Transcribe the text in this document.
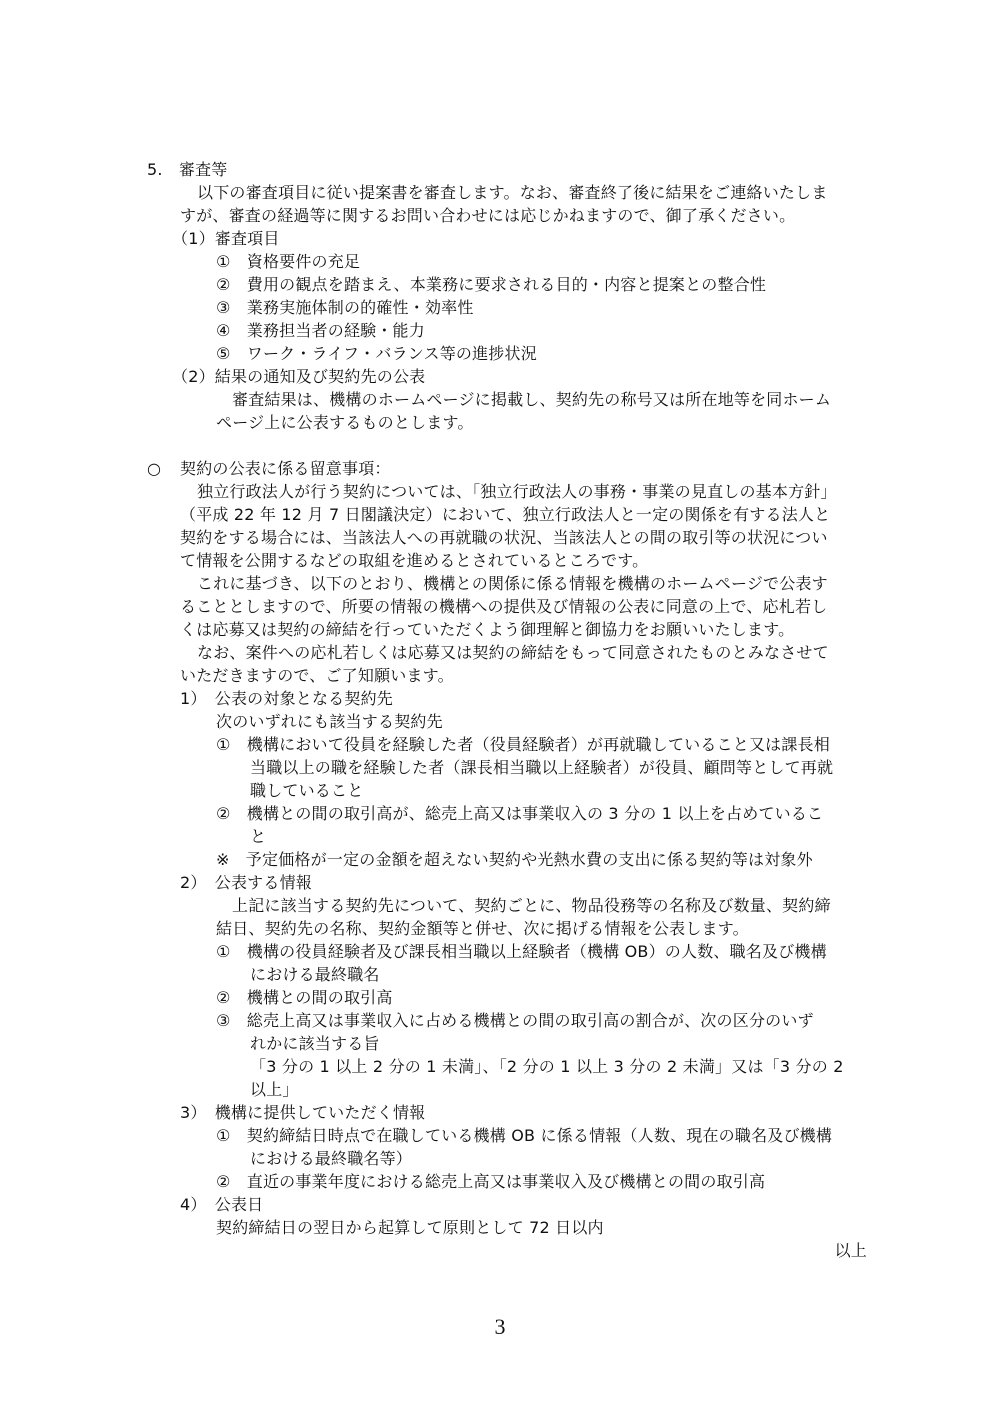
5.　審査等
以下の審査項目に従い提案書を審査します。なお、審査終了後に結果をご連絡いたしま
すが、審査の経過等に関するお問い合わせには応じかねますので、御了承ください。
（1）審査項目
①　資格要件の充足
②　費用の観点を踏まえ、本業務に要求される目的・内容と提案との整合性
③　業務実施体制の的確性・効率性
④　業務担当者の経験・能力
⑤　ワーク・ライフ・バランス等の進捗状況
（2）結果の通知及び契約先の公表
審査結果は、機構のホームページに掲載し、契約先の称号又は所在地等を同ホーム
ページ上に公表するものとします。
○ 契約の公表に係る留意事項：
独立行政法人が行う契約については、「独立行政法人の事務・事業の見直しの基本方針」
（平成 22 年 12 月 7 日閣議決定）において、独立行政法人と一定の関係を有する法人と
契約をする場合には、当該法人への再就職の状況、当該法人との間の取引等の状況につい
て情報を公開するなどの取組を進めるとされているところです。
これに基づき、以下のとおり、機構との関係に係る情報を機構のホームページで公表す
ることとしますので、所要の情報の機構への提供及び情報の公表に同意の上で、応札若し
くは応募又は契約の締結を行っていただくよう御理解と御協力をお願いいたします。
なお、案件への応札若しくは応募又は契約の締結をもって同意されたものとみなさせて
いただきますので、ご了知願います。
1）　公表の対象となる契約先
次のいずれにも該当する契約先
①　機構において役員を経験した者（役員経験者）が再就職していること又は課長相
当職以上の職を経験した者（課長相当職以上経験者）が役員、顧問等として再就
職していること
②　機構との間の取引高が、総売上高又は事業収入の 3 分の 1 以上を占めているこ
と
※　予定価格が一定の金額を超えない契約や光熱水費の支出に係る契約等は対象外
2）　公表する情報
上記に該当する契約先について、契約ごとに、物品役務等の名称及び数量、契約締
結日、契約先の名称、契約金額等と併せ、次に掲げる情報を公表します。
①　機構の役員経験者及び課長相当職以上経験者（機構 OB）の人数、職名及び機構
における最終職名
②　機構との間の取引高
③　総売上高又は事業収入に占める機構との間の取引高の割合が、次の区分のいず
れかに該当する旨
「3 分の 1 以上 2 分の 1 未満」、「2 分の 1 以上 3 分の 2 未満」又は「3 分の 2
以上」
3）　機構に提供していただく情報
①　契約締結日時点で在職している機構 OB に係る情報（人数、現在の職名及び機構
における最終職名等）
②　直近の事業年度における総売上高又は事業収入及び機構との間の取引高
4）　公表日
契約締結日の翌日から起算して原則として 72 日以内
以上
3
